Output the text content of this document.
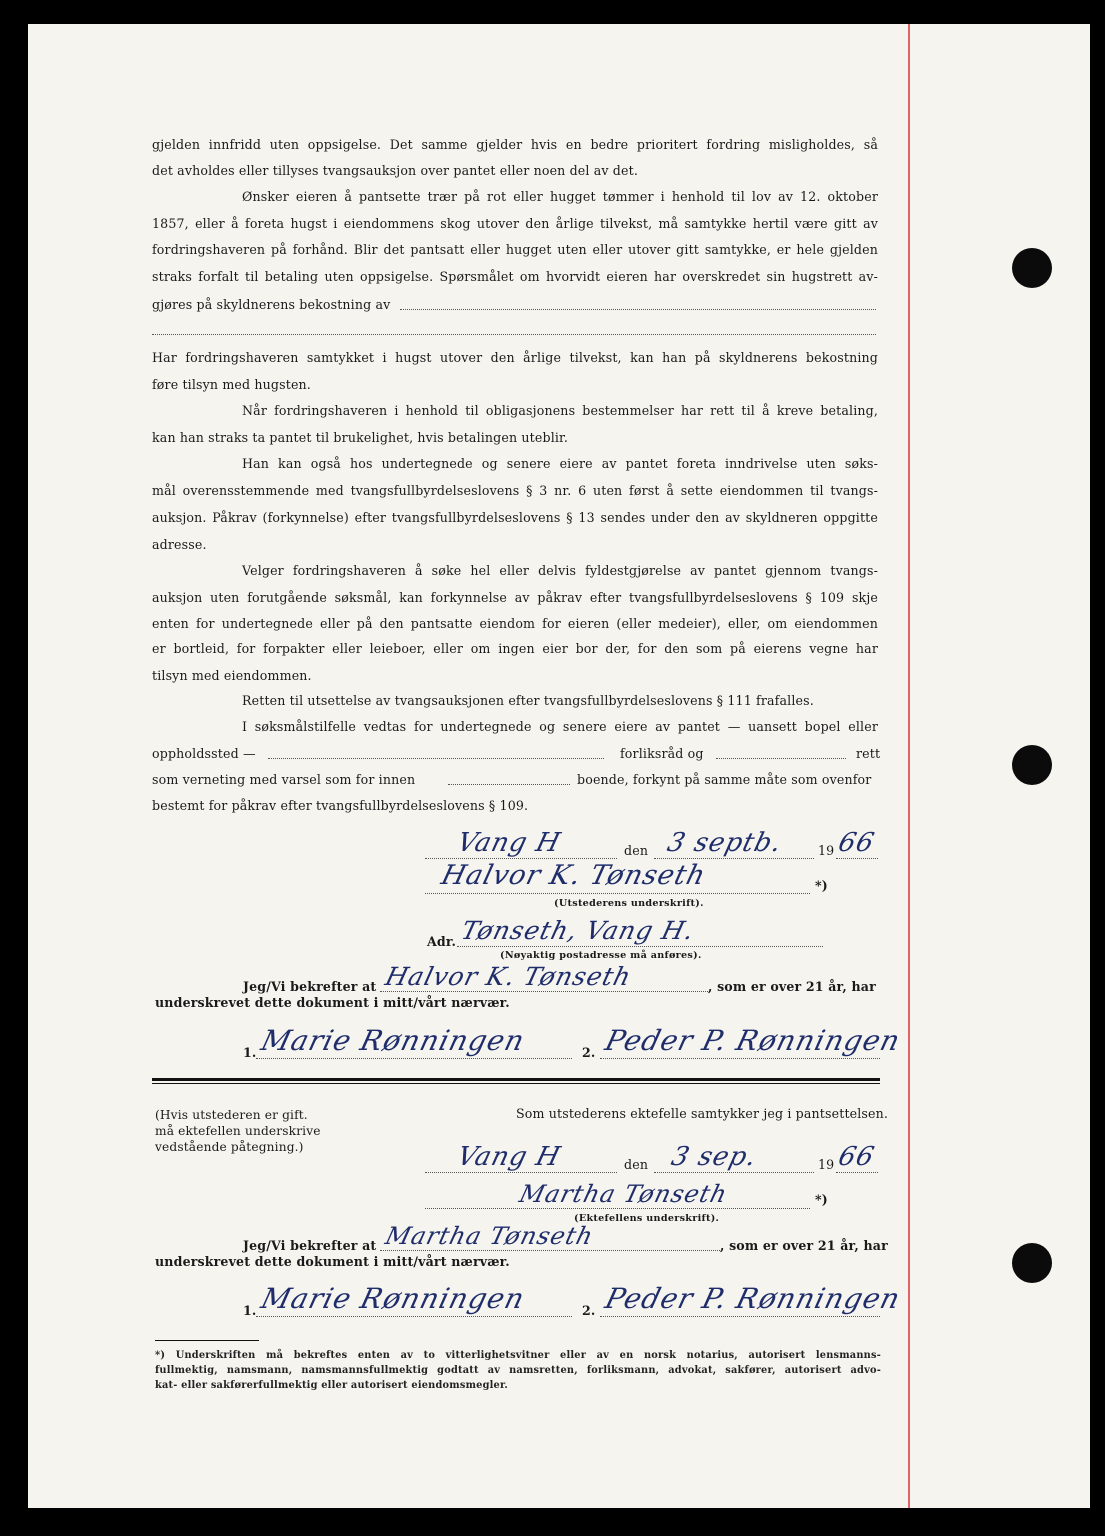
gjelden innfridd uten oppsigelse. Det samme gjelder hvis en bedre prioritert fordring misligholdes, så
det avholdes eller tillyses tvangsauksjon over pantet eller noen del av det.
Ønsker eieren å pantsette trær på rot eller hugget tømmer i henhold til lov av 12. oktober
1857, eller å foreta hugst i eiendommens skog utover den årlige tilvekst, må samtykke hertil være gitt av
fordringshaveren på forhånd. Blir det pantsatt eller hugget uten eller utover gitt samtykke, er hele gjelden
straks forfalt til betaling uten oppsigelse. Spørsmålet om hvorvidt eieren har overskredet sin hugstrett av-
gjøres på skyldnerens bekostning av
Har fordringshaveren samtykket i hugst utover den årlige tilvekst, kan han på skyldnerens bekostning
føre tilsyn med hugsten.
Når fordringshaveren i henhold til obligasjonens bestemmelser har rett til å kreve betaling,
kan han straks ta pantet til brukelighet, hvis betalingen uteblir.
Han kan også hos undertegnede og senere eiere av pantet foreta inndrivelse uten søks-
mål overensstemmende med tvangsfullbyrdelseslovens § 3 nr. 6 uten først å sette eiendommen til tvangs-
auksjon. Påkrav (forkynnelse) efter tvangsfullbyrdelseslovens § 13 sendes under den av skyldneren oppgitte
adresse.
Velger fordringshaveren å søke hel eller delvis fyldestgjørelse av pantet gjennom tvangs-
auksjon uten forutgående søksmål, kan forkynnelse av påkrav efter tvangsfullbyrdelseslovens § 109 skje
enten for undertegnede eller på den pantsatte eiendom for eieren (eller medeier), eller, om eiendommen
er bortleid, for forpakter eller leieboer, eller om ingen eier bor der, for den som på eierens vegne har
tilsyn med eiendommen.
Retten til utsettelse av tvangsauksjonen efter tvangsfullbyrdelseslovens § 111 frafalles.
I søksmålstilfelle vedtas for undertegnede og senere eiere av pantet — uansett bopel eller
oppholdssted —	forliksråd og	rett
som verneting med varsel som for innen	boende, forkynt på samme måte som ovenfor
bestemt for påkrav efter tvangsfullbyrdelseslovens § 109.
Vang H	den 3 septb.	19 66
Halvor K. Tønseth	*)
(Utstederens underskrift).
Adr. Tønseth, Vang H.
(Nøyaktig postadresse må anføres).
Jeg/Vi bekrefter at Halvor K. Tønseth	, som er over 21 år, har
underskrevet dette dokument i mitt/vårt nærvær.
1. Marie Rønningen	2. Peder P. Rønningen
(Hvis utstederen er gift.
må ektefellen underskrive
vedstående påtegning.)
Som utstederens ektefelle samtykker jeg i pantsettelsen.
Vang H	den 3 sep.	19 66
Martha Tønseth	*)
(Ektefellens underskrift).
Jeg/Vi bekrefter at Martha Tønseth	, som er over 21 år, har
underskrevet dette dokument i mitt/vårt nærvær.
1. Marie Rønningen	2. Peder P. Rønningen
*) Underskriften må bekreftes enten av to vitterlighetsvitner eller av en norsk notarius, autorisert lensmanns-
fullmektig, namsmann, namsmannsfullmektig godtatt av namsretten, forliksmann, advokat, sakfører, autorisert advo-
kat- eller sakførerfullmektig eller autorisert eiendomsmegler.
